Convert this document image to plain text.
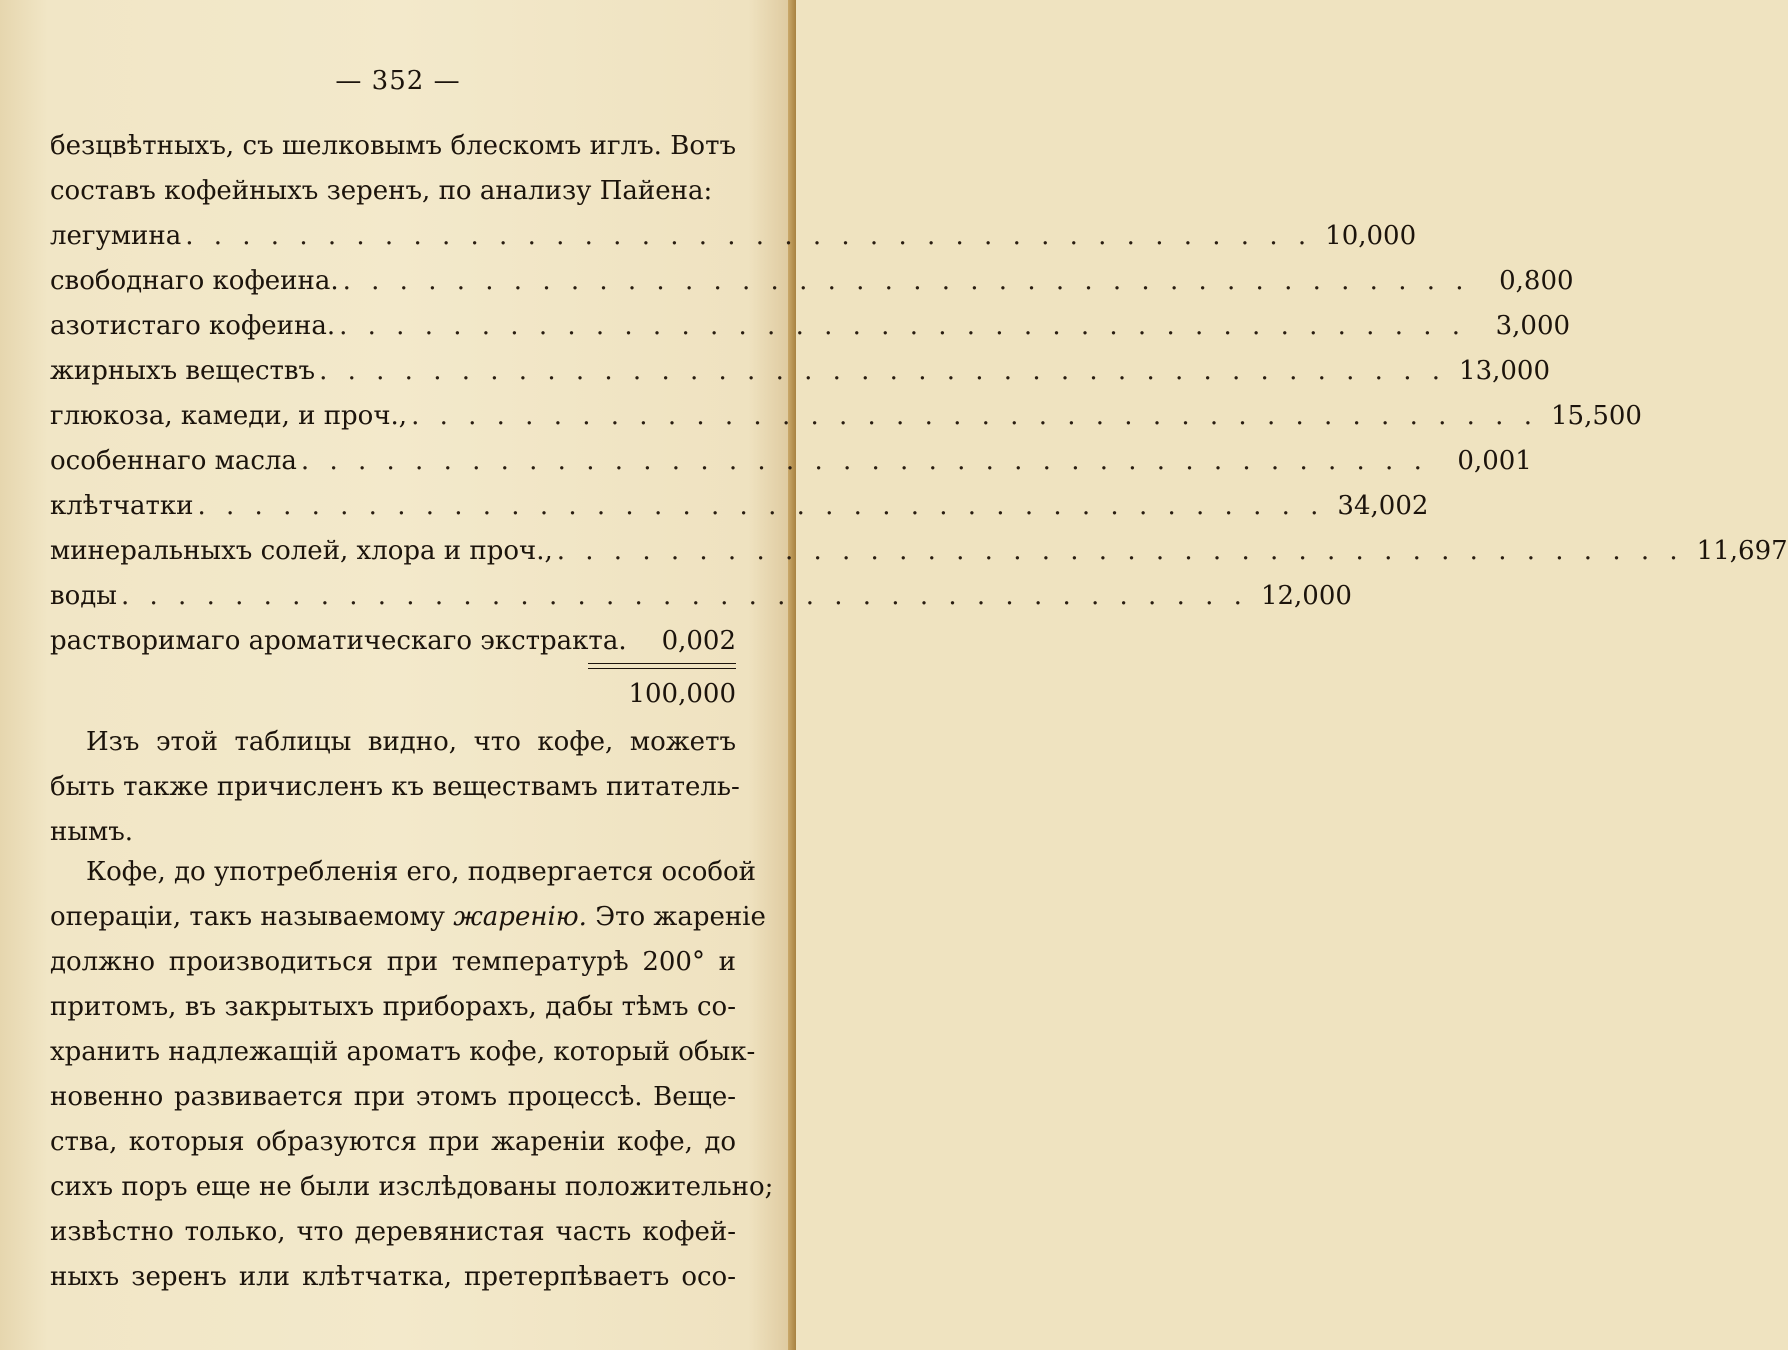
— 352 —
безцвѣтныхъ, съ шелковымъ блескомъ иглъ. Вотъ
составъ кофейныхъ зеренъ, по анализу Пайена:
легумина . . . . . . . . . . . . . . . . . . . . . . . . . . . . . . . . . . . . . . . . 10,000
свободнаго кофеина. . . . . . . . . . . . . . . . . . . . . . . . . . . . . . . . . . . . . . . . .	0,800
азотистаго кофеина. . . . . . . . . . . . . . . . . . . . . . . . . . . . . . . . . . . . . . . . .	3,000
жирныхъ веществъ . . . . . . . . . . . . . . . . . . . . . . . . . . . . . . . . . . . . . . . . 13,000
глюкоза, камеди, и проч., . . . . . . . . . . . . . . . . . . . . . . . . . . . . . . . . . . . . . . . . 15,500
особеннаго масла . . . . . . . . . . . . . . . . . . . . . . . . . . . . . . . . . . . . . . . .	0,001
клѣтчатки . . . . . . . . . . . . . . . . . . . . . . . . . . . . . . . . . . . . . . . . 34,002
минеральныхъ солей, хлора и проч., . . . . . . . . . . . . . . . . . . . . . . . . . . . . . . . . . . . . . . . . 11,697
воды . . . . . . . . . . . . . . . . . . . . . . . . . . . . . . . . . . . . . . . . 12,000
растворимаго ароматическаго экстракта.	0,002
100,000
Изъ этой таблицы видно, что кофе, можетъ
быть также причисленъ къ веществамъ питатель-
нымъ.
Кофе, до употребленія его, подвергается особой
операціи, такъ называемому жаренію. Это жареніе
должно производиться при температурѣ 200° и
притомъ, въ закрытыхъ приборахъ, дабы тѣмъ со-
хранить надлежащій ароматъ кофе, который обык-
новенно развивается при этомъ процессѣ. Веще-
ства, которыя образуются при жареніи кофе, до
сихъ поръ еще не были изслѣдованы положительно;
извѣстно только, что деревянистая часть кофей-
ныхъ зеренъ или клѣтчатка, претерпѣваетъ осо-
